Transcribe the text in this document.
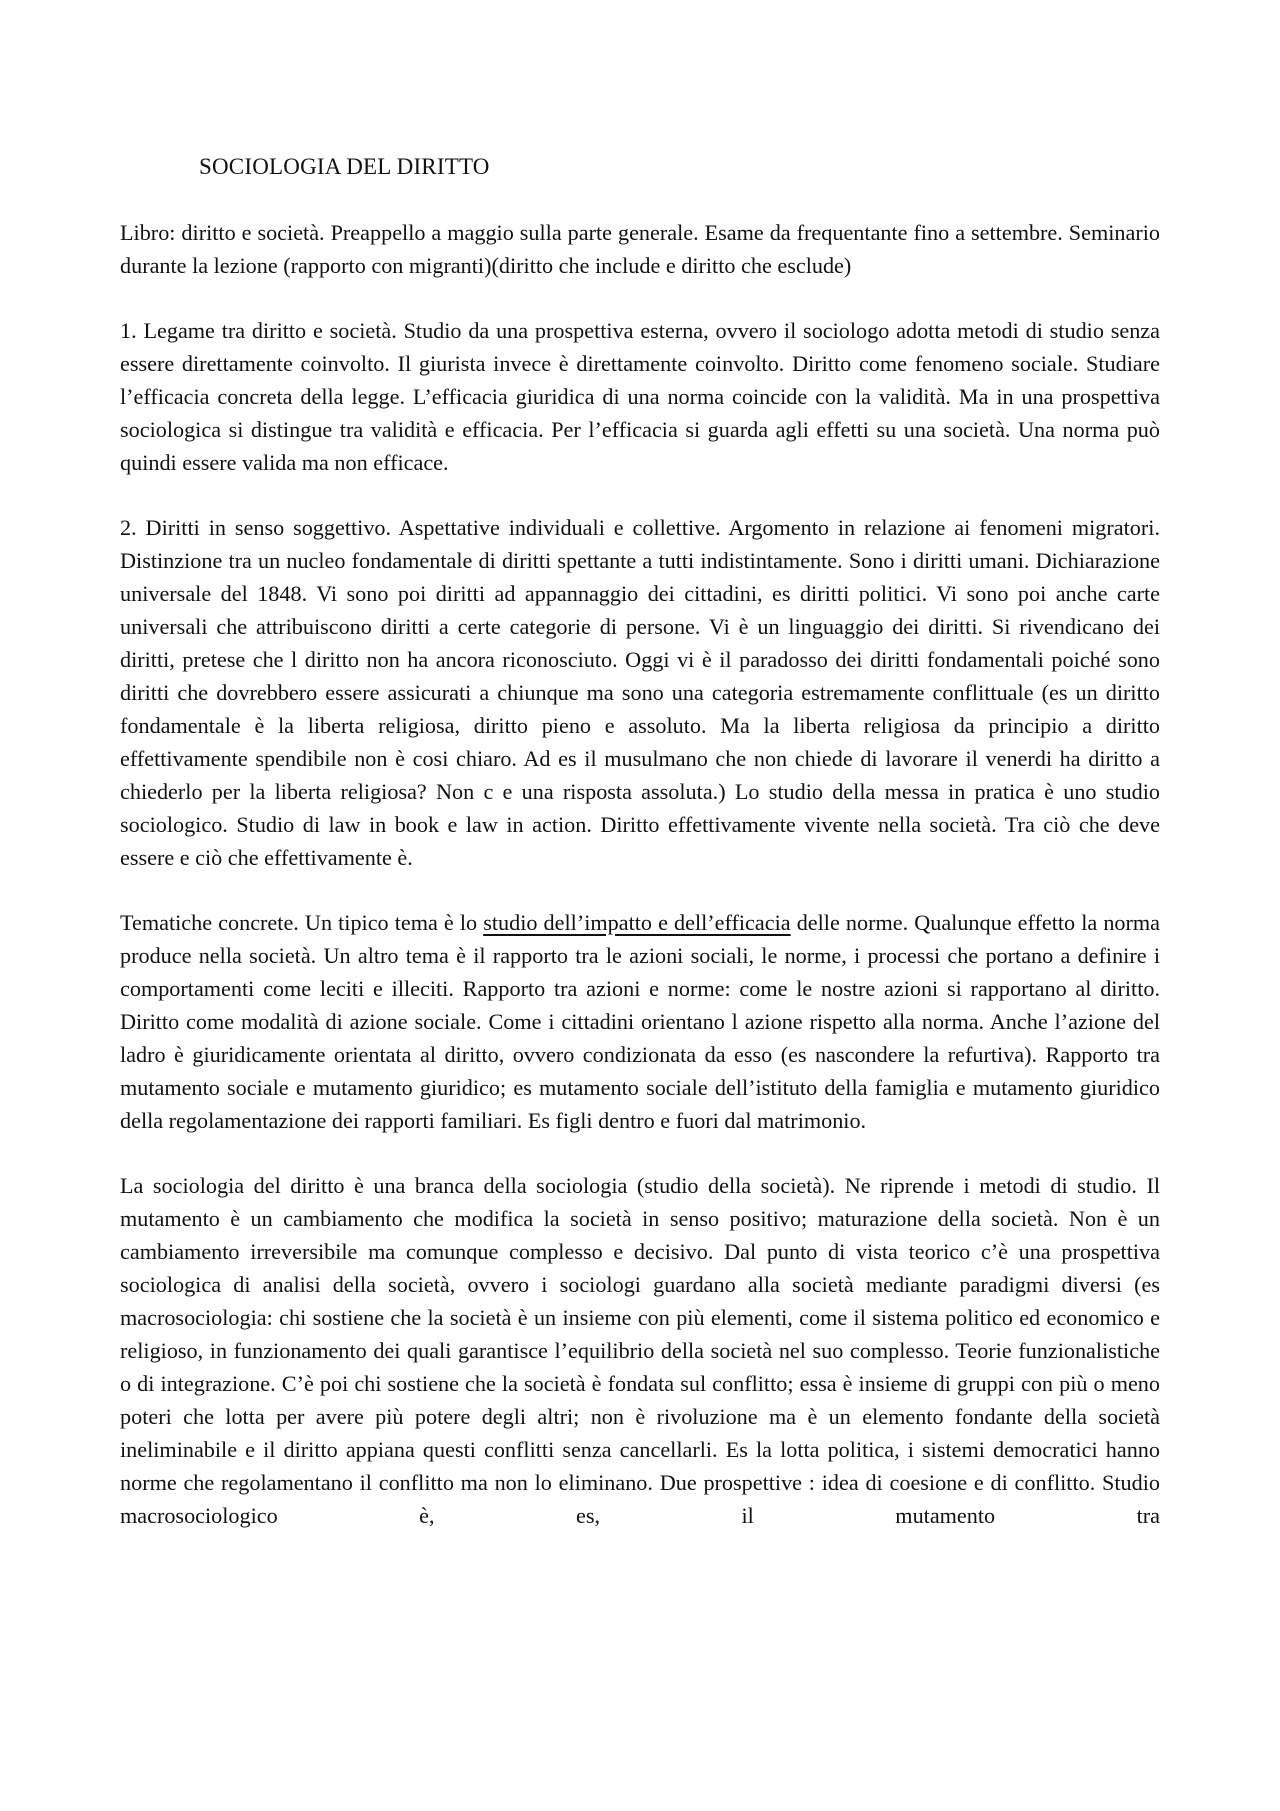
SOCIOLOGIA DEL DIRITTO

Libro: diritto e società. Preappello a maggio sulla parte generale. Esame da frequentante fino a settembre. Seminario durante la lezione (rapporto con migranti)(diritto che include e diritto che esclude)

1. Legame tra diritto e società. Studio da una prospettiva esterna, ovvero il sociologo adotta metodi di studio senza essere direttamente coinvolto. Il giurista invece è direttamente coinvolto. Diritto come fenomeno sociale. Studiare l’efficacia concreta della legge. L’efficacia giuridica di una norma coincide con la validità. Ma in una prospettiva sociologica si distingue tra validità e efficacia. Per l’efficacia si guarda agli effetti su una società. Una norma può quindi essere valida ma non efficace.

2. Diritti in senso soggettivo. Aspettative individuali e collettive. Argomento in relazione ai fenomeni migratori. Distinzione tra un nucleo fondamentale di diritti spettante a tutti indistintamente. Sono i diritti umani. Dichiarazione universale del 1848. Vi sono poi diritti ad appannaggio dei cittadini, es diritti politici. Vi sono poi anche carte universali che attribuiscono diritti a certe categorie di persone. Vi è un linguaggio dei diritti. Si rivendicano dei diritti, pretese che l diritto non ha ancora riconosciuto. Oggi vi è il paradosso dei diritti fondamentali poiché sono diritti che dovrebbero essere assicurati a chiunque ma sono una categoria estremamente conflittuale (es un diritto fondamentale è la liberta religiosa, diritto pieno e assoluto. Ma la liberta religiosa da principio a diritto effettivamente spendibile non è cosi chiaro. Ad es il musulmano che non chiede di lavorare il venerdi ha diritto a chiederlo per la liberta religiosa? Non c e una risposta assoluta.) Lo studio della messa in pratica è uno studio sociologico. Studio di law in book e law in action. Diritto effettivamente vivente nella società. Tra ciò che deve essere e ciò che effettivamente è.

Tematiche concrete. Un tipico tema è lo studio dell’impatto e dell’efficacia delle norme. Qualunque effetto la norma produce nella società. Un altro tema è il rapporto tra le azioni sociali, le norme, i processi che portano a definire i comportamenti come leciti e illeciti. Rapporto tra azioni e norme: come le nostre azioni si rapportano al diritto. Diritto come modalità di azione sociale. Come i cittadini orientano l azione rispetto alla norma. Anche l’azione del ladro è giuridicamente orientata al diritto, ovvero condizionata da esso (es nascondere la refurtiva). Rapporto tra mutamento sociale e mutamento giuridico; es mutamento sociale dell’istituto della famiglia e mutamento giuridico della regolamentazione dei rapporti familiari. Es figli dentro e fuori dal matrimonio.

La sociologia del diritto è una branca della sociologia (studio della società). Ne riprende i metodi di studio. Il mutamento è un cambiamento che modifica la società in senso positivo; maturazione della società. Non è un cambiamento irreversibile ma comunque complesso e decisivo. Dal punto di vista teorico c’è una prospettiva sociologica di analisi della società, ovvero i sociologi guardano alla società mediante paradigmi diversi (es macrosociologia: chi sostiene che la società è un insieme con più elementi, come il sistema politico ed economico e religioso, in funzionamento dei quali garantisce l’equilibrio della società nel suo complesso. Teorie funzionalistiche o di integrazione. C’è poi chi sostiene che la società è fondata sul conflitto; essa è insieme di gruppi con più o meno poteri che lotta per avere più potere degli altri; non è rivoluzione ma è un elemento fondante della società ineliminabile e il diritto appiana questi conflitti senza cancellarli. Es la lotta politica, i sistemi democratici hanno norme che regolamentano il conflitto ma non lo eliminano. Due prospettive : idea di coesione e di conflitto. Studio macrosociologico è, es, il mutamento tra
